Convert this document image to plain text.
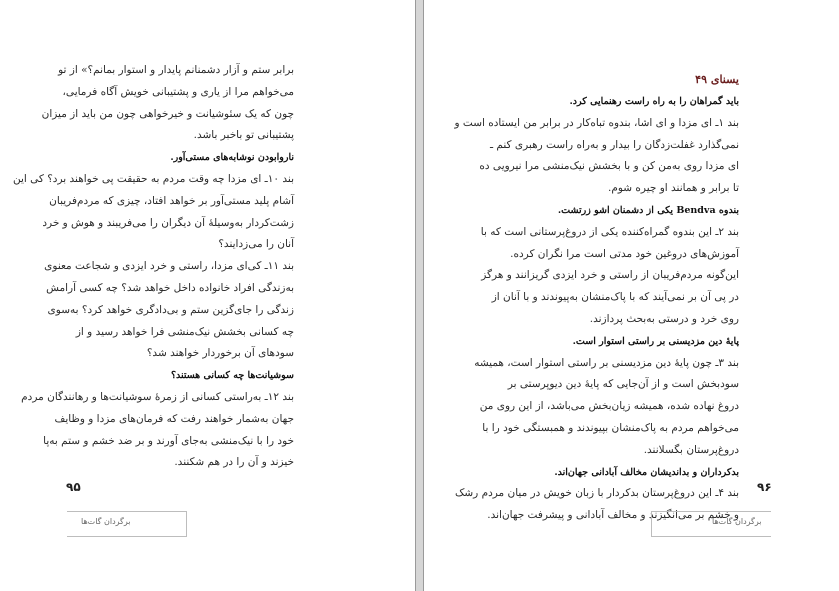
برابر ستم و آزار دشمنانم پایدار و استوار بمانم؟» از تو
می‌خواهم مرا از یاری و پشتیبانی خویش آگاه فرمایی،
چون که یک سئوشیانت و خیرخواهی چون من باید از میزان
پشتیبانی تو باخبر باشد.
نارو‌ابودن نوشابه‌های مستی‌آور.
بند ۱۰ـ ای مزدا چه وقت مردم به حقیقت پی خواهند برد؟ کی این
آشام پلید مستی‌آور بر خواهد افتاد، چیزی که مردم‌فریبان
زشت‌کردار به‌وسیلهٔ آن دیگران را می‌فریبند و هوش و خرد
آنان را می‌زدایند؟
بند ۱۱ـ کی‌ای مزدا، راستی و خرد ایزدی و شجاعت معنوی
به‌زندگی افراد خانواده داخل خواهد شد؟ چه کسی آرامش
زندگی را جای‌گزین ستم و بی‌دادگری خواهد کرد؟ به‌سوی
چه کسانی بخشش نیک‌منشی فرا خواهد رسید و از
سودهای آن برخوردار خواهند شد؟
سوشیانت‌ها چه کسانی هستند؟
بند ۱۲ـ به‌راستی کسانی از زمرهٔ سوشیانت‌ها و رهانندگان مردم
جهان به‌شمار خواهند رفت که فرمان‌های مزدا و وظایف
خود را با نیک‌منشی به‌جای آورند و بر ضد خشم و ستم به‌پا
خیزند و آن را در هم شکنند.
۹۵
برگردان گات‌ها
یسنای ۴۹
باید گمراهان را به راه راست رهنمایی کرد.
بند ۱ـ ای مزدا و ای اشا، بندوه تباه‌کار در برابر من ایستاده است و
نمی‌گذارد غفلت‌زدگان را بیدار و به‌راه راست رهبری کنم ـ
ای مزدا روی به‌من کن و با بخشش نیک‌منشی مرا نیرویی ده
تا برابر و همانند او چیره شوم.
بندوه Bendva یکی از دشمنان اشو زرتشت.
بند ۲ـ این بندوه گمراه‌کننده یکی از دروغ‌پرستانی است که با
آموزش‌های دروغین خود مدتی است مرا نگران کرده.
این‌گونه مردم‌فریبان از راستی و خرد ایزدی گریزانند و هرگز
در پی آن بر نمی‌آیند که با پاک‌منشان به‌پیوندند و با آنان از
روی خرد و درستی به‌بحث پردازند.
پایهٔ دین مزدیسنی بر راستی استوار است.
بند ۳ـ چون پایهٔ دین مزدیسنی بر راستی استوار است، همیشه
سودبخش است و از آن‌جایی که پایهٔ دین دیوپرستی بر
دروغ نهاده شده، همیشه زیان‌بخش می‌باشد، از این روی من
می‌خواهم مردم به پاک‌منشان بپیوندند و همبستگی خود را با
دروغ‌پرستان بگسلانند.
بدکرداران و بداندیشان مخالف آبادانی جهان‌اند.
بند ۴ـ این دروغ‌پرستان بدکردار با زبان خویش در میان مردم رشک
و خشم بر می‌انگیزند و مخالف آبادانی و پیشرفت جهان‌اند.
۹۶
برگردان گات‌ها
